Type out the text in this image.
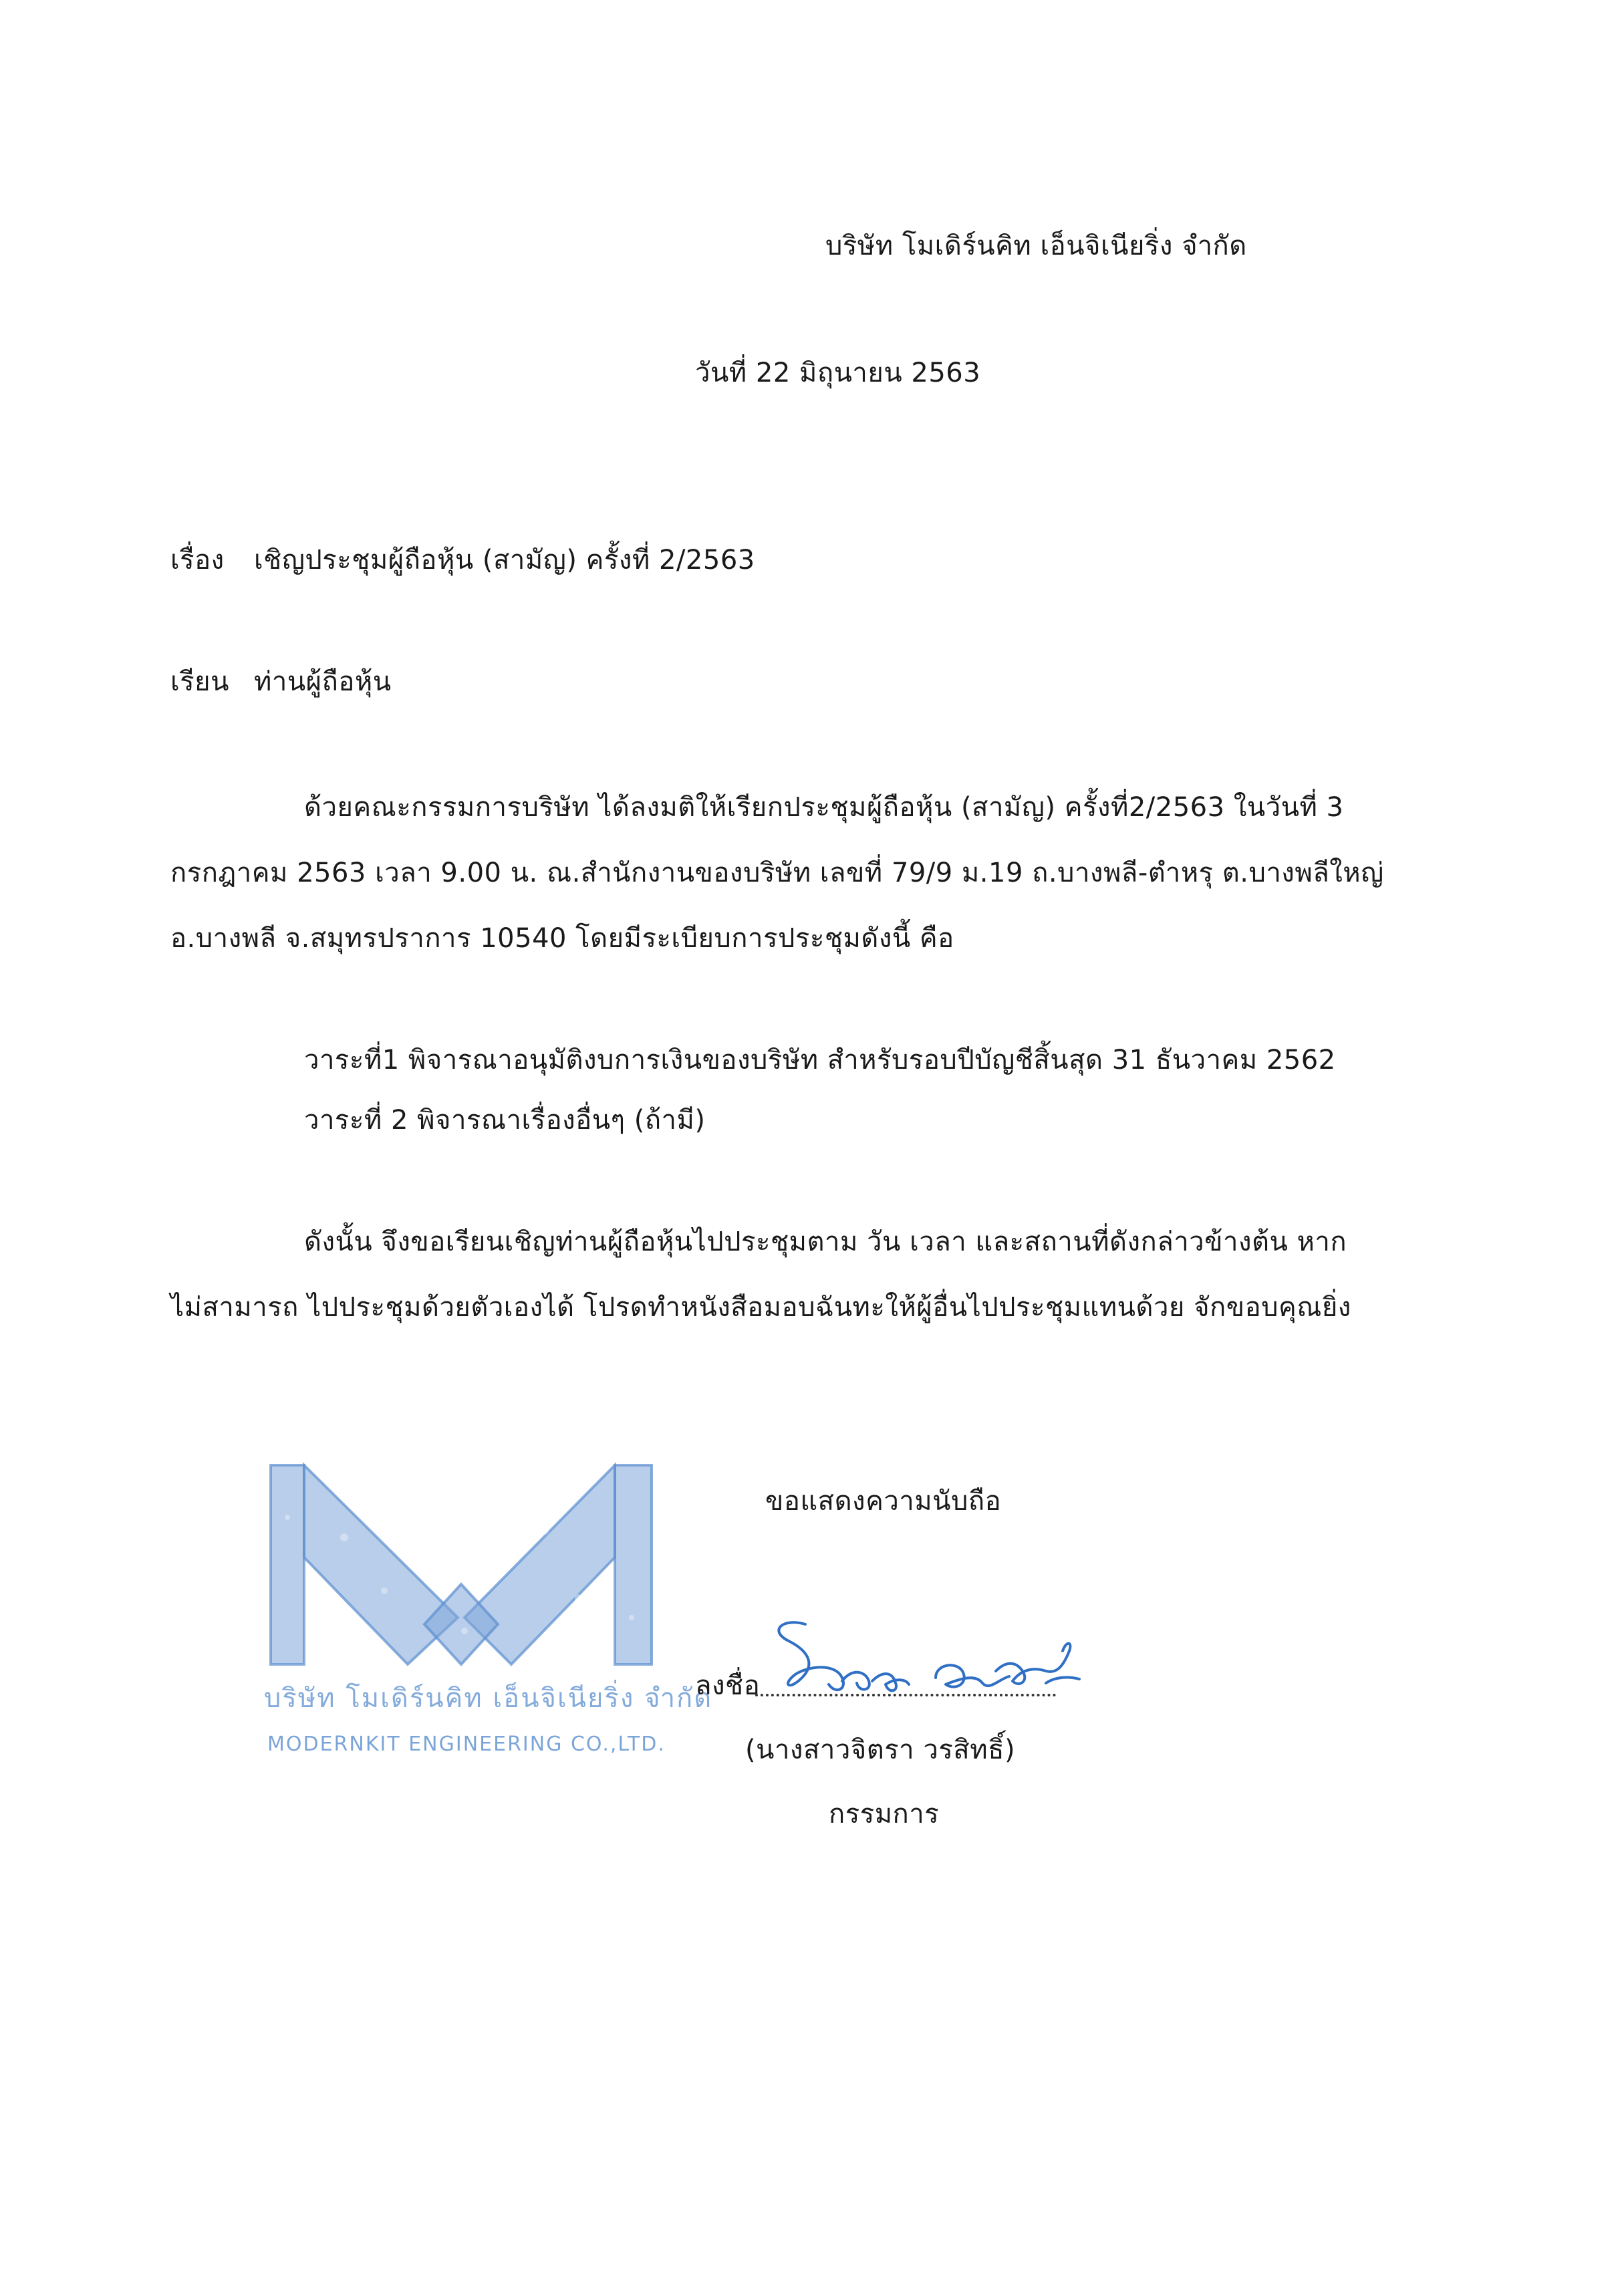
บริษัท โมเดิร์นคิท เอ็นจิเนียริ่ง จำกัด
วันที่ 22 มิถุนายน 2563
เรื่อง เชิญประชุมผู้ถือหุ้น (สามัญ) ครั้งที่ 2/2563
เรียน ท่านผู้ถือหุ้น
ด้วยคณะกรรมการบริษัท ได้ลงมติให้เรียกประชุมผู้ถือหุ้น (สามัญ) ครั้งที่2/2563 ในวันที่ 3
กรกฎาคม 2563 เวลา 9.00 น. ณ.สำนักงานของบริษัท เลขที่ 79/9 ม.19 ถ.บางพลี-ตำหรุ ต.บางพลีใหญ่
อ.บางพลี จ.สมุทรปราการ 10540 โดยมีระเบียบการประชุมดังนี้ คือ
วาระที่1 พิจารณาอนุมัติงบการเงินของบริษัท สำหรับรอบปีบัญชีสิ้นสุด 31 ธันวาคม 2562
วาระที่ 2 พิจารณาเรื่องอื่นๆ (ถ้ามี)
ดังนั้น จึงขอเรียนเชิญท่านผู้ถือหุ้นไปประชุมตาม วัน เวลา และสถานที่ดังกล่าวข้างต้น หาก
ไม่สามารถ ไปประชุมด้วยตัวเองได้ โปรดทำหนังสือมอบฉันทะให้ผู้อื่นไปประชุมแทนด้วย จักขอบคุณยิ่ง
บริษัท โมเดิร์นคิท เอ็นจิเนียริ่ง จำกัด
MODERNKIT ENGINEERING CO.,LTD.
ขอแสดงความนับถือ
ลงชื่อ
(นางสาวจิตรา วรสิทธิ์)
กรรมการ
